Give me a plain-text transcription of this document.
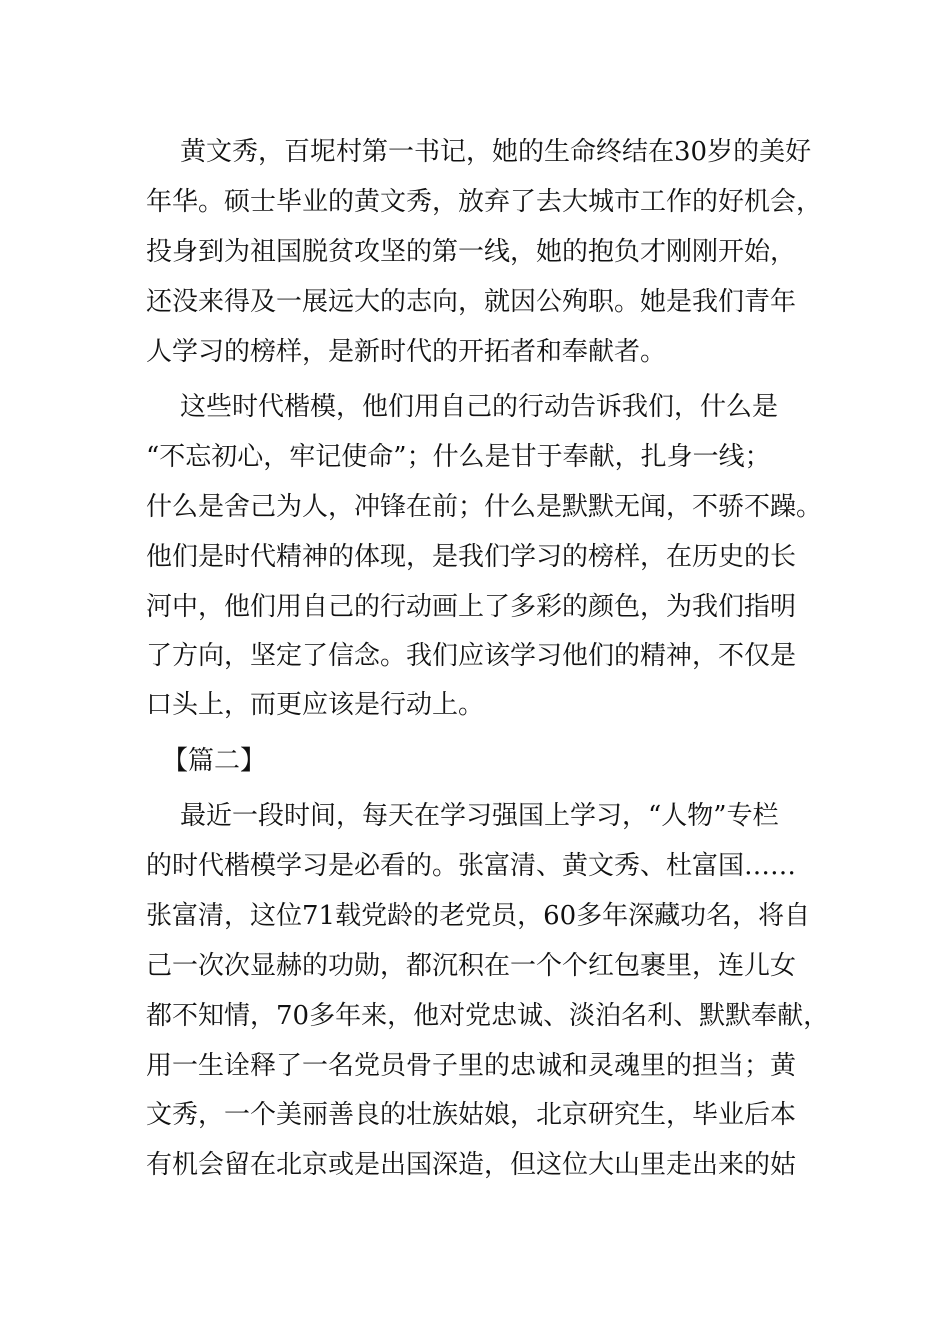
黄文秀，百坭村第一书记，她的生命终结在30岁的美好

年华。硕士毕业的黄文秀，放弃了去大城市工作的好机会，

投身到为祖国脱贫攻坚的第一线，她的抱负才刚刚开始，

还没来得及一展远大的志向，就因公殉职。她是我们青年

人学习的榜样，是新时代的开拓者和奉献者。

这些时代楷模，他们用自己的行动告诉我们，什么是

“不忘初心，牢记使命”；什么是甘于奉献，扎身一线；

什么是舍己为人，冲锋在前；什么是默默无闻，不骄不躁。

他们是时代精神的体现，是我们学习的榜样，在历史的长

河中，他们用自己的行动画上了多彩的颜色，为我们指明

了方向，坚定了信念。我们应该学习他们的精神，不仅是

口头上，而更应该是行动上。

【篇二】

最近一段时间，每天在学习强国上学习，“人物”专栏

的时代楷模学习是必看的。张富清、黄文秀、杜富国……

张富清，这位71载党龄的老党员，60多年深藏功名，将自

己一次次显赫的功勋，都沉积在一个个红包裹里，连儿女

都不知情，70多年来，他对党忠诚、淡泊名利、默默奉献，

用一生诠释了一名党员骨子里的忠诚和灵魂里的担当；黄

文秀，一个美丽善良的壮族姑娘，北京研究生，毕业后本

有机会留在北京或是出国深造，但这位大山里走出来的姑
